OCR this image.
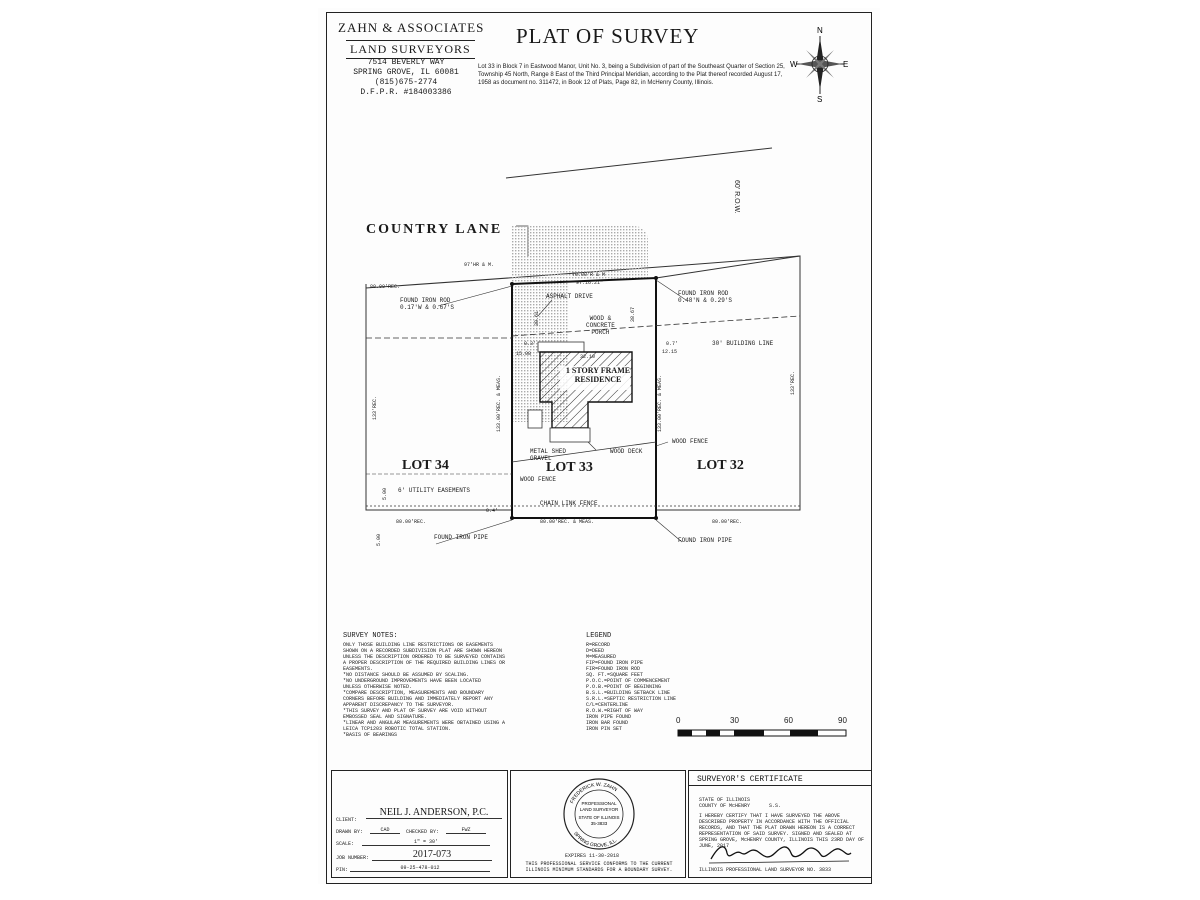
ZAHN & ASSOCIATES
LAND SURVEYORS
7514 BEVERLY WAY
SPRING GROVE, IL 60081
(815)675-2774
D.F.P.R. #184003386
PLAT OF SURVEY
Lot 33 in Block 7 in Eastwood Manor, Unit No. 3, being a Subdivision of part of the Southeast Quarter of Section 25, Township 45 North, Range 8 East of the Third Principal Meridian, according to the Plat thereof recorded August 17, 1958 as document no. 311472, in Book 12 of Plats, Page 82, in McHenry County, Illinois.
N
S
E
W
60' R.O.W.
COUNTRY LANE
LOT 34	LOT 33	LOT 32
1 STORY FRAME
RESIDENCE
ASPHALT DRIVE
WOOD &
CONCRETE
PORCH
FOUND IRON ROD
0.17'W & 0.67'S
FOUND IRON ROD
0.48'N & 0.29'S
30' BUILDING LINE
WOOD FENCE
WOOD FENCE
WOOD DECK
METAL SHED
GRAVEL
6' UTILITY EASEMENTS
CHAIN LINK FENCE
FOUND IRON PIPE	FOUND IRON PIPE
70.00'R & M
97.16.21"
97'HR & M.
80.00'REC.
133.00'REC. & MEAS.	133.00'REC. & MEAS.
133'REC.
133'REC.
80.00'REC. & MEAS.
80.00'REC.	80.00'REC.
0.3'
15.08
0.7'
12.15
39.61	38.67
32.10
0.4'
5.00
5.00
SURVEY NOTES:
ONLY THOSE BUILDING LINE RESTRICTIONS OR EASEMENTS
SHOWN ON A RECORDED SUBDIVISION PLAT ARE SHOWN HEREON
UNLESS THE DESCRIPTION ORDERED TO BE SURVEYED CONTAINS
A PROPER DESCRIPTION OF THE REQUIRED BUILDING LINES OR
EASEMENTS.
*NO DISTANCE SHOULD BE ASSUMED BY SCALING.
*NO UNDERGROUND IMPROVEMENTS HAVE BEEN LOCATED
UNLESS OTHERWISE NOTED.
*COMPARE DESCRIPTION, MEASUREMENTS AND BOUNDARY
CORNERS BEFORE BUILDING AND IMMEDIATELY REPORT ANY
APPARENT DISCREPANCY TO THE SURVEYOR.
*THIS SURVEY AND PLAT OF SURVEY ARE VOID WITHOUT
EMBOSSED SEAL AND SIGNATURE.
*LINEAR AND ANGULAR MEASUREMENTS WERE OBTAINED USING A
LEICA TCP1203 ROBOTIC TOTAL STATION.
*BASIS OF BEARINGS
LEGEND
R=RECORD
D=DEED
M=MEASURED
FIP=FOUND IRON PIPE
FIR=FOUND IRON ROD
SQ. FT.=SQUARE FEET
P.O.C.=POINT OF COMMENCEMENT
P.O.B.=POINT OF BEGINNING
B.S.L.=BUILDING SETBACK LINE
S.R.L.=SEPTIC RESTRICTION LINE
C/L=CENTERLINE
R.O.W.=RIGHT OF WAY
IRON PIPE FOUND
IRON BAR FOUND
IRON PIN SET
0	30	60	90
CLIENT:
NEIL J. ANDERSON, P.C.
DRAWN BY:	CAD	CHECKED BY:	FWZ
SCALE:	1" = 30'
JOB NUMBER:	2017-073
PIN:	09-25-478-012
FREDERICK W. ZAHN
SPRING GROVE, ILL.
PROFESSIONAL
LAND SURVEYOR
STATE OF ILLINOIS
35-3833
EXPIRES 11-30-2018
THIS PROFESSIONAL SERVICE CONFORMS TO THE CURRENT ILLINOIS MINIMUM STANDARDS FOR A BOUNDARY SURVEY.
SURVEYOR'S CERTIFICATE
STATE OF ILLINOIS
COUNTY OF McHENRY	S.S.
I HEREBY CERTIFY THAT I HAVE SURVEYED THE ABOVE DESCRIBED PROPERTY IN ACCORDANCE WITH THE OFFICIAL RECORDS, AND THAT THE PLAT DRAWN HEREON IS A CORRECT REPRESENTATION OF SAID SURVEY. SIGNED AND SEALED AT SPRING GROVE, McHENRY COUNTY, ILLINOIS THIS 23RD DAY OF JUNE, 2017
ILLINOIS PROFESSIONAL LAND SURVEYOR NO. 3833
